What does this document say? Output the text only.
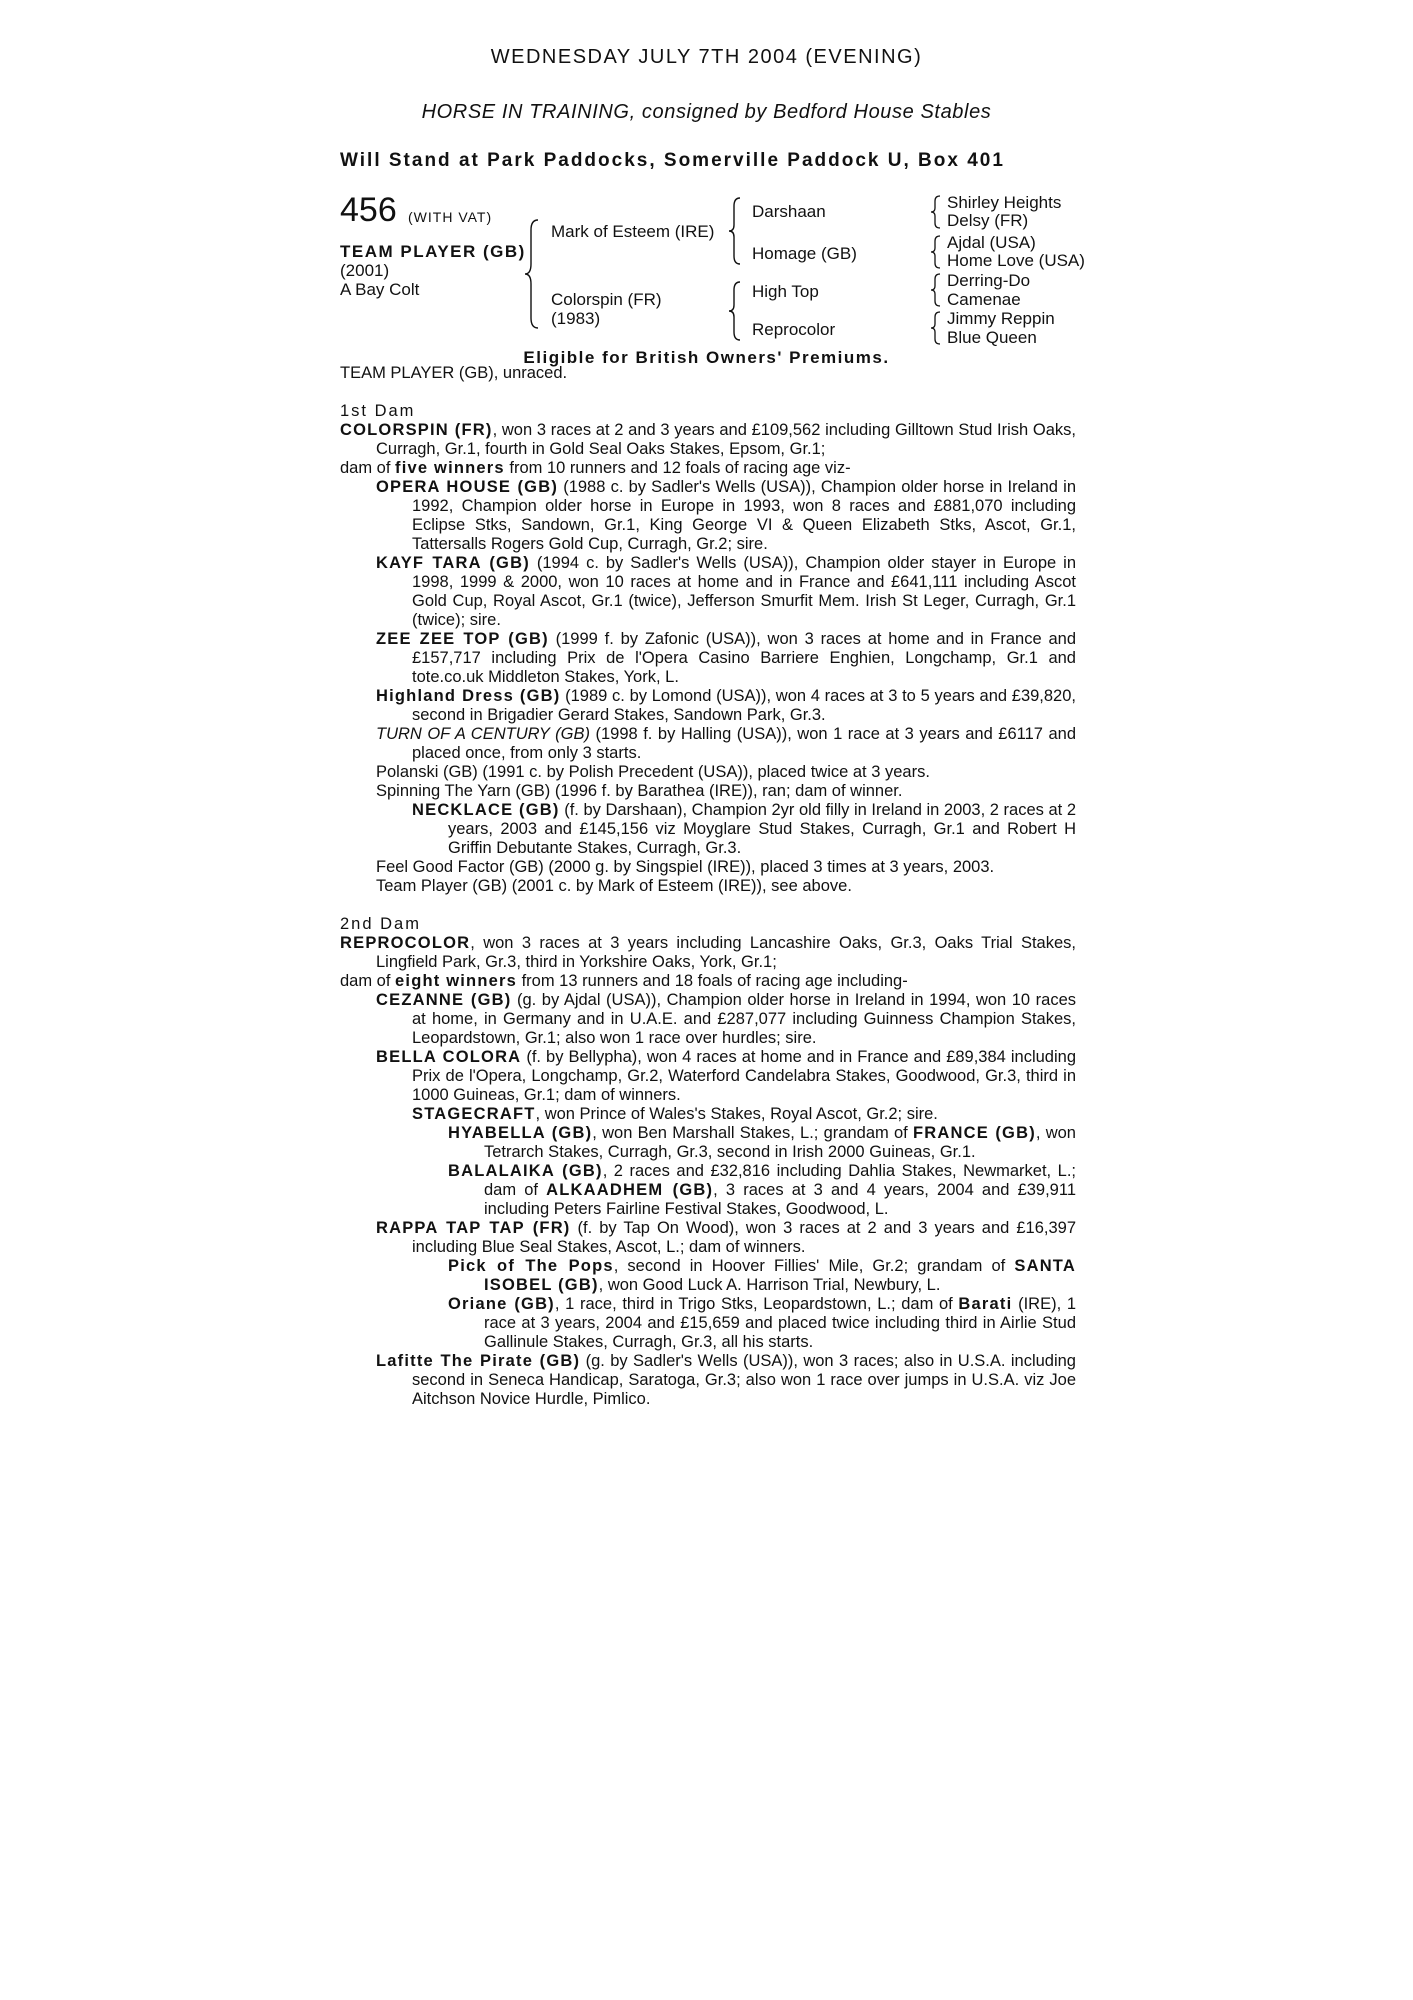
WEDNESDAY JULY 7TH 2004 (EVENING)
HORSE IN TRAINING, consigned by Bedford House Stables
Will Stand at Park Paddocks, Somerville Paddock U, Box 401
456 (WITH VAT)
TEAM PLAYER (GB)
(2001)
A Bay Colt
Mark of Esteem (IRE)
Colorspin (FR)
(1983)
Darshaan
Homage (GB)
High Top
Reprocolor
Shirley Heights
Delsy (FR)
Ajdal (USA)
Home Love (USA)
Derring-Do
Camenae
Jimmy Reppin
Blue Queen
Eligible for British Owners' Premiums.

TEAM PLAYER (GB), unraced.

1st Dam

COLORSPIN (FR), won 3 races at 2 and 3 years and £109,562 including Gilltown Stud Irish Oaks, Curragh, Gr.1, fourth in Gold Seal Oaks Stakes, Epsom, Gr.1;

dam of five winners from 10 runners and 12 foals of racing age viz-

OPERA HOUSE (GB) (1988 c. by Sadler's Wells (USA)), Champion older horse in Ireland in 1992, Champion older horse in Europe in 1993, won 8 races and £881,070 including Eclipse Stks, Sandown, Gr.1, King George VI & Queen Elizabeth Stks, Ascot, Gr.1, Tattersalls Rogers Gold Cup, Curragh, Gr.2; sire.

KAYF TARA (GB) (1994 c. by Sadler's Wells (USA)), Champion older stayer in Europe in 1998, 1999 & 2000, won 10 races at home and in France and £641,111 including Ascot Gold Cup, Royal Ascot, Gr.1 (twice), Jefferson Smurfit Mem. Irish St Leger, Curragh, Gr.1 (twice); sire.

ZEE ZEE TOP (GB) (1999 f. by Zafonic (USA)), won 3 races at home and in France and £157,717 including Prix de l'Opera Casino Barriere Enghien, Longchamp, Gr.1 and tote.co.uk Middleton Stakes, York, L.

Highland Dress (GB) (1989 c. by Lomond (USA)), won 4 races at 3 to 5 years and £39,820, second in Brigadier Gerard Stakes, Sandown Park, Gr.3.

TURN OF A CENTURY (GB) (1998 f. by Halling (USA)), won 1 race at 3 years and £6117 and placed once, from only 3 starts.

Polanski (GB) (1991 c. by Polish Precedent (USA)), placed twice at 3 years.

Spinning The Yarn (GB) (1996 f. by Barathea (IRE)), ran; dam of winner.

NECKLACE (GB) (f. by Darshaan), Champion 2yr old filly in Ireland in 2003, 2 races at 2 years, 2003 and £145,156 viz Moyglare Stud Stakes, Curragh, Gr.1 and Robert H Griffin Debutante Stakes, Curragh, Gr.3.

Feel Good Factor (GB) (2000 g. by Singspiel (IRE)), placed 3 times at 3 years, 2003.

Team Player (GB) (2001 c. by Mark of Esteem (IRE)), see above.

2nd Dam

REPROCOLOR, won 3 races at 3 years including Lancashire Oaks, Gr.3, Oaks Trial Stakes, Lingfield Park, Gr.3, third in Yorkshire Oaks, York, Gr.1;

dam of eight winners from 13 runners and 18 foals of racing age including-

CEZANNE (GB) (g. by Ajdal (USA)), Champion older horse in Ireland in 1994, won 10 races at home, in Germany and in U.A.E. and £287,077 including Guinness Champion Stakes, Leopardstown, Gr.1; also won 1 race over hurdles; sire.

BELLA COLORA (f. by Bellypha), won 4 races at home and in France and £89,384 including Prix de l'Opera, Longchamp, Gr.2, Waterford Candelabra Stakes, Goodwood, Gr.3, third in 1000 Guineas, Gr.1; dam of winners.

STAGECRAFT, won Prince of Wales's Stakes, Royal Ascot, Gr.2; sire.

HYABELLA (GB), won Ben Marshall Stakes, L.; grandam of FRANCE (GB), won Tetrarch Stakes, Curragh, Gr.3, second in Irish 2000 Guineas, Gr.1.

BALALAIKA (GB), 2 races and £32,816 including Dahlia Stakes, Newmarket, L.; dam of ALKAADHEM (GB), 3 races at 3 and 4 years, 2004 and £39,911 including Peters Fairline Festival Stakes, Goodwood, L.

RAPPA TAP TAP (FR) (f. by Tap On Wood), won 3 races at 2 and 3 years and £16,397 including Blue Seal Stakes, Ascot, L.; dam of winners.

Pick of The Pops, second in Hoover Fillies' Mile, Gr.2; grandam of SANTA ISOBEL (GB), won Good Luck A. Harrison Trial, Newbury, L.

Oriane (GB), 1 race, third in Trigo Stks, Leopardstown, L.; dam of Barati (IRE), 1 race at 3 years, 2004 and £15,659 and placed twice including third in Airlie Stud Gallinule Stakes, Curragh, Gr.3, all his starts.

Lafitte The Pirate (GB) (g. by Sadler's Wells (USA)), won 3 races; also in U.S.A. including second in Seneca Handicap, Saratoga, Gr.3; also won 1 race over jumps in U.S.A. viz Joe Aitchson Novice Hurdle, Pimlico.
